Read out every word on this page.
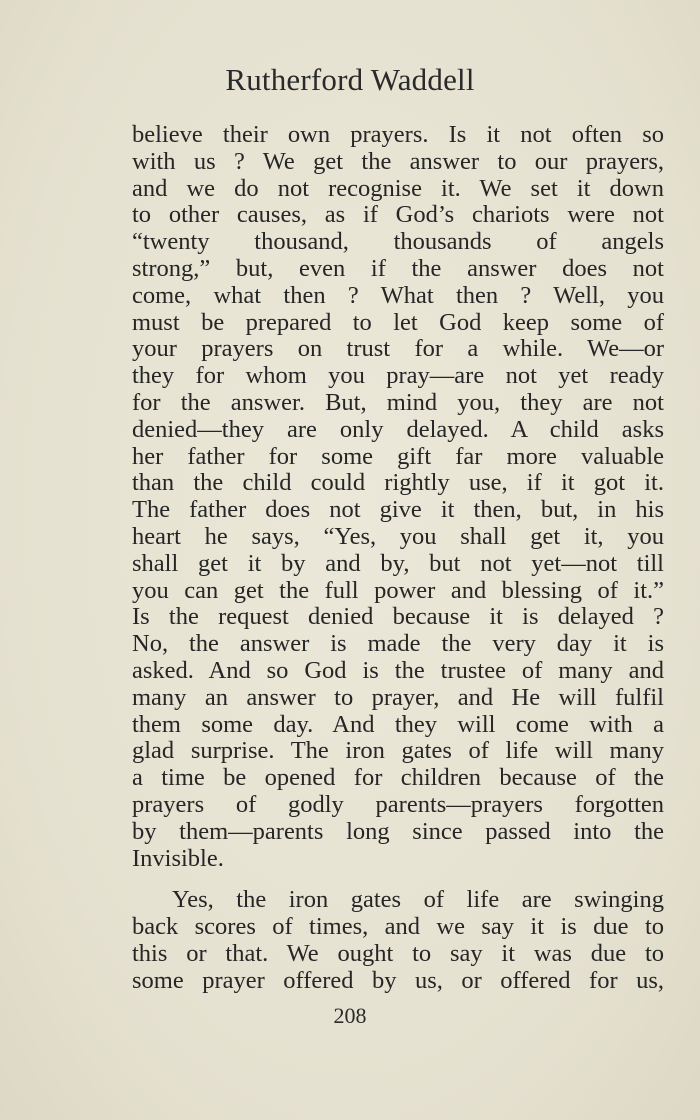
Rutherford Waddell
believe their own prayers. Is it not often so
with us ? We get the answer to our prayers,
and we do not recognise it. We set it down
to other causes, as if God’s chariots were not
“twenty thousand, thousands of angels
strong,” but, even if the answer does not
come, what then ? What then ? Well, you
must be prepared to let God keep some of
your prayers on trust for a while. We—or
they for whom you pray—are not yet ready
for the answer. But, mind you, they are not
denied—they are only delayed. A child asks
her father for some gift far more valuable
than the child could rightly use, if it got it.
The father does not give it then, but, in his
heart he says, “Yes, you shall get it, you
shall get it by and by, but not yet—not till
you can get the full power and blessing of it.”
Is the request denied because it is delayed ?
No, the answer is made the very day it is
asked. And so God is the trustee of many and
many an answer to prayer, and He will fulfil
them some day. And they will come with a
glad surprise. The iron gates of life will many
a time be opened for children because of the
prayers of godly parents—prayers forgotten
by them—parents long since passed into the
Invisible.
Yes, the iron gates of life are swinging
back scores of times, and we say it is due to
this or that. We ought to say it was due to
some prayer offered by us, or offered for us,
208
